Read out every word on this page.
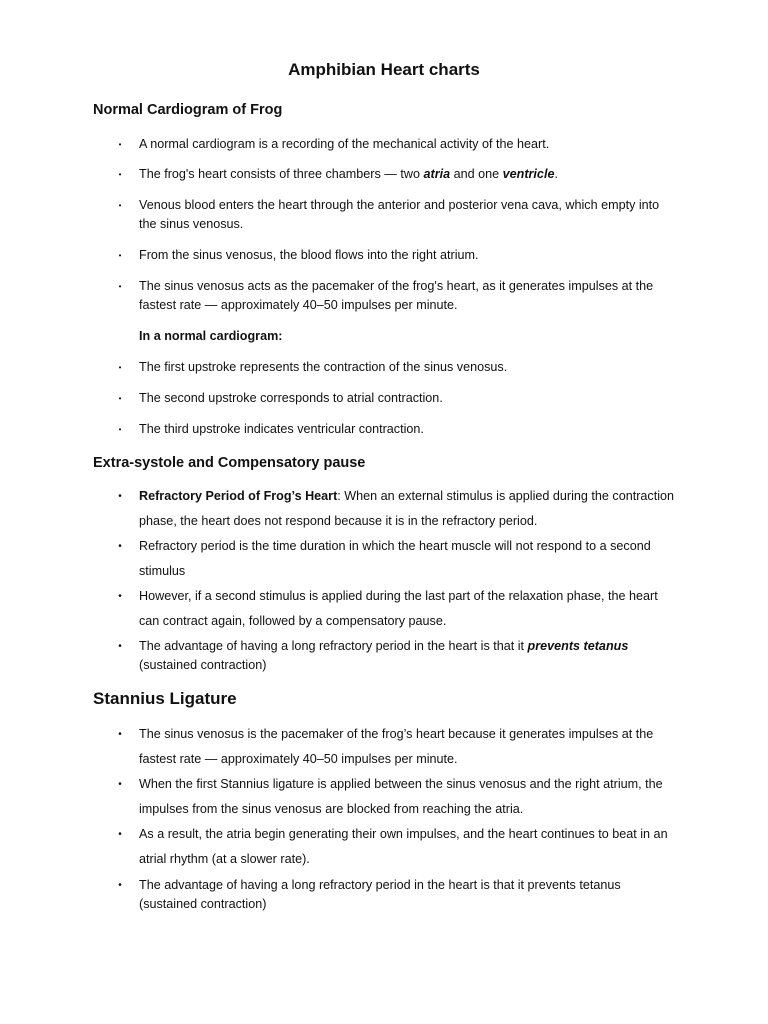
Amphibian Heart charts
Normal Cardiogram of Frog
•	A normal cardiogram is a recording of the mechanical activity of the heart.
•	The frog's heart consists of three chambers — two atria and one ventricle.
•	Venous blood enters the heart through the anterior and posterior vena cava, which empty into the sinus venosus.
•	From the sinus venosus, the blood flows into the right atrium.
•	The sinus venosus acts as the pacemaker of the frog's heart, as it generates impulses at the fastest rate — approximately 40–50 impulses per minute.
In a normal cardiogram:
•	The first upstroke represents the contraction of the sinus venosus.
•	The second upstroke corresponds to atrial contraction.
•	The third upstroke indicates ventricular contraction.
Extra-systole and Compensatory pause
•	Refractory Period of Frog’s Heart: When an external stimulus is applied during the contraction phase, the heart does not respond because it is in the refractory period.
•	Refractory period is the time duration in which the heart muscle will not respond to a second stimulus
•	However, if a second stimulus is applied during the last part of the relaxation phase, the heart can contract again, followed by a compensatory pause.
•	The advantage of having a long refractory period in the heart is that it prevents tetanus (sustained contraction)
Stannius Ligature
•	The sinus venosus is the pacemaker of the frog’s heart because it generates impulses at the fastest rate — approximately 40–50 impulses per minute.
•	When the first Stannius ligature is applied between the sinus venosus and the right atrium, the impulses from the sinus venosus are blocked from reaching the atria.
•	As a result, the atria begin generating their own impulses, and the heart continues to beat in an atrial rhythm (at a slower rate).
•	The advantage of having a long refractory period in the heart is that it prevents tetanus (sustained contraction)
